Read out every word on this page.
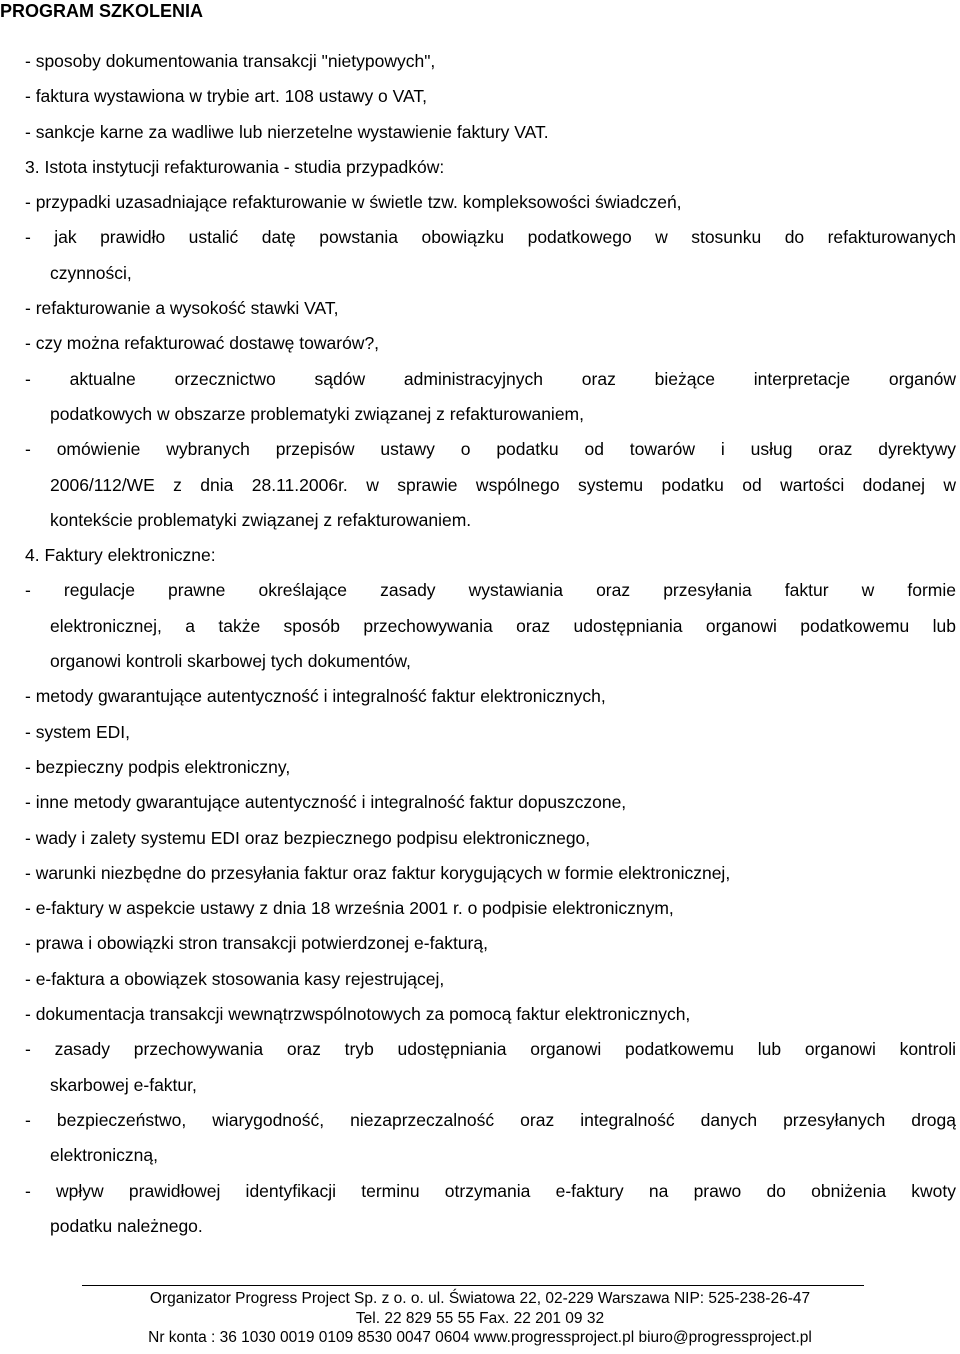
PROGRAM SZKOLENIA
- sposoby dokumentowania transakcji "nietypowych",
- faktura wystawiona w trybie art. 108 ustawy o VAT,
- sankcje karne za wadliwe lub nierzetelne wystawienie faktury VAT.
3. Istota instytucji refakturowania - studia przypadków:
- przypadki uzasadniające refakturowanie w świetle tzw. kompleksowości świadczeń,
- jak prawidło ustalić datę powstania obowiązku podatkowego w stosunku do refakturowanych
czynności,
- refakturowanie a wysokość stawki VAT,
- czy można refakturować dostawę towarów?,
- aktualne orzecznictwo sądów administracyjnych oraz bieżące interpretacje organów
podatkowych w obszarze problematyki związanej z refakturowaniem,
- omówienie wybranych przepisów ustawy o podatku od towarów i usług oraz dyrektywy
2006/112/WE z dnia 28.11.2006r. w sprawie wspólnego systemu podatku od wartości dodanej w
kontekście problematyki związanej z refakturowaniem.
4. Faktury elektroniczne:
- regulacje prawne określające zasady wystawiania oraz przesyłania faktur w formie
elektronicznej, a także sposób przechowywania oraz udostępniania organowi podatkowemu lub
organowi kontroli skarbowej tych dokumentów,
- metody gwarantujące autentyczność i integralność faktur elektronicznych,
- system EDI,
- bezpieczny podpis elektroniczny,
- inne metody gwarantujące autentyczność i integralność faktur dopuszczone,
- wady i zalety systemu EDI oraz bezpiecznego podpisu elektronicznego,
- warunki niezbędne do przesyłania faktur oraz faktur korygujących w formie elektronicznej,
- e-faktury w aspekcie ustawy z dnia 18 września 2001 r. o podpisie elektronicznym,
- prawa i obowiązki stron transakcji potwierdzonej e-fakturą,
- e-faktura a obowiązek stosowania kasy rejestrującej,
- dokumentacja transakcji wewnątrzwspólnotowych za pomocą faktur elektronicznych,
- zasady przechowywania oraz tryb udostępniania organowi podatkowemu lub organowi kontroli
skarbowej e-faktur,
- bezpieczeństwo, wiarygodność, niezaprzeczalność oraz integralność danych przesyłanych drogą
elektroniczną,
- wpływ prawidłowej identyfikacji terminu otrzymania e-faktury na prawo do obniżenia kwoty
podatku należnego.
Organizator Progress Project Sp. z o. o. ul. Światowa 22, 02-229 Warszawa NIP: 525-238-26-47
Tel. 22 829 55 55 Fax. 22 201 09 32
Nr konta : 36 1030 0019 0109 8530 0047 0604 www.progressproject.pl biuro@progressproject.pl
